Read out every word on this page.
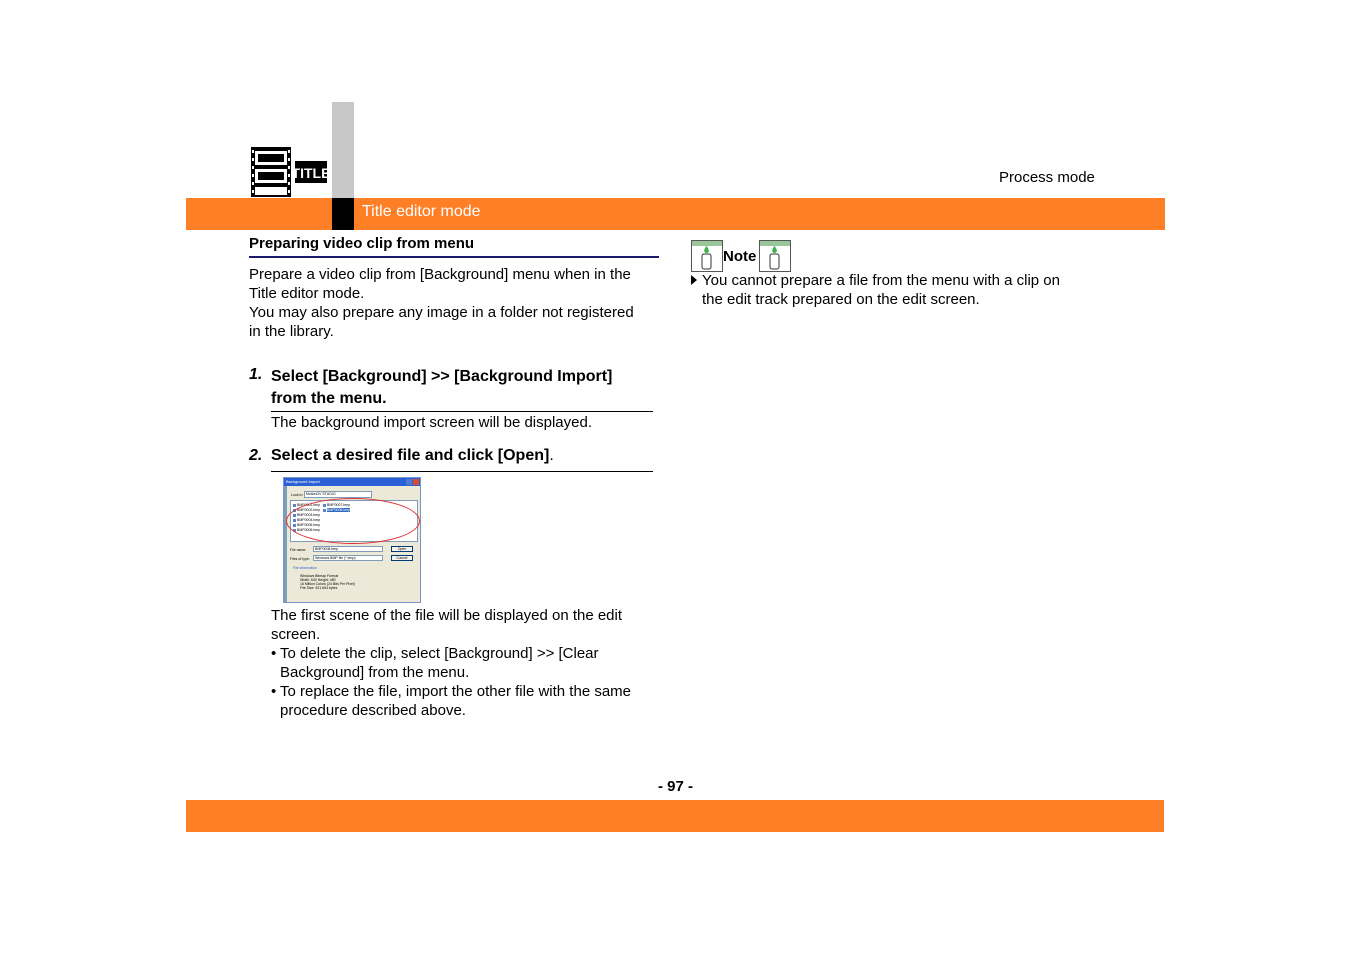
TITLE	Process mode
Title editor mode
Preparing video clip from menu
Prepare a video clip from [Background] menu when in the
Title editor mode.
You may also prepare any image in a folder not registered
in the library.
1. Select [Background] >> [Background Import]
from the menu.
The background import screen will be displayed.
2. Select a desired file and click [Open].
Background Import
Look in: MotionDV STUDIO
BMP0001.bmp
BMP0002.bmp
BMP0003.bmp
BMP0004.bmp
BMP0005.bmp
BMP0006.bmp
BMP0007.bmp
BMP0008.bmp
File name:	BMP0008.bmp	Open
Files of type:	Windows BMP file (*.bmp)	Cancel
File information
Windows Bitmap Format
Width: 640 Height: 480
16 Million Colors (24 Bits Per Pixel)
File Size: 921,654 bytes
The first scene of the file will be displayed on the edit
screen.
• To delete the clip, select [Background] >> [Clear
Background] from the menu.
• To replace the file, import the other file with the same
procedure described above.
Note
You cannot prepare a file from the menu with a clip on
the edit track prepared on the edit screen.
- 97 -
